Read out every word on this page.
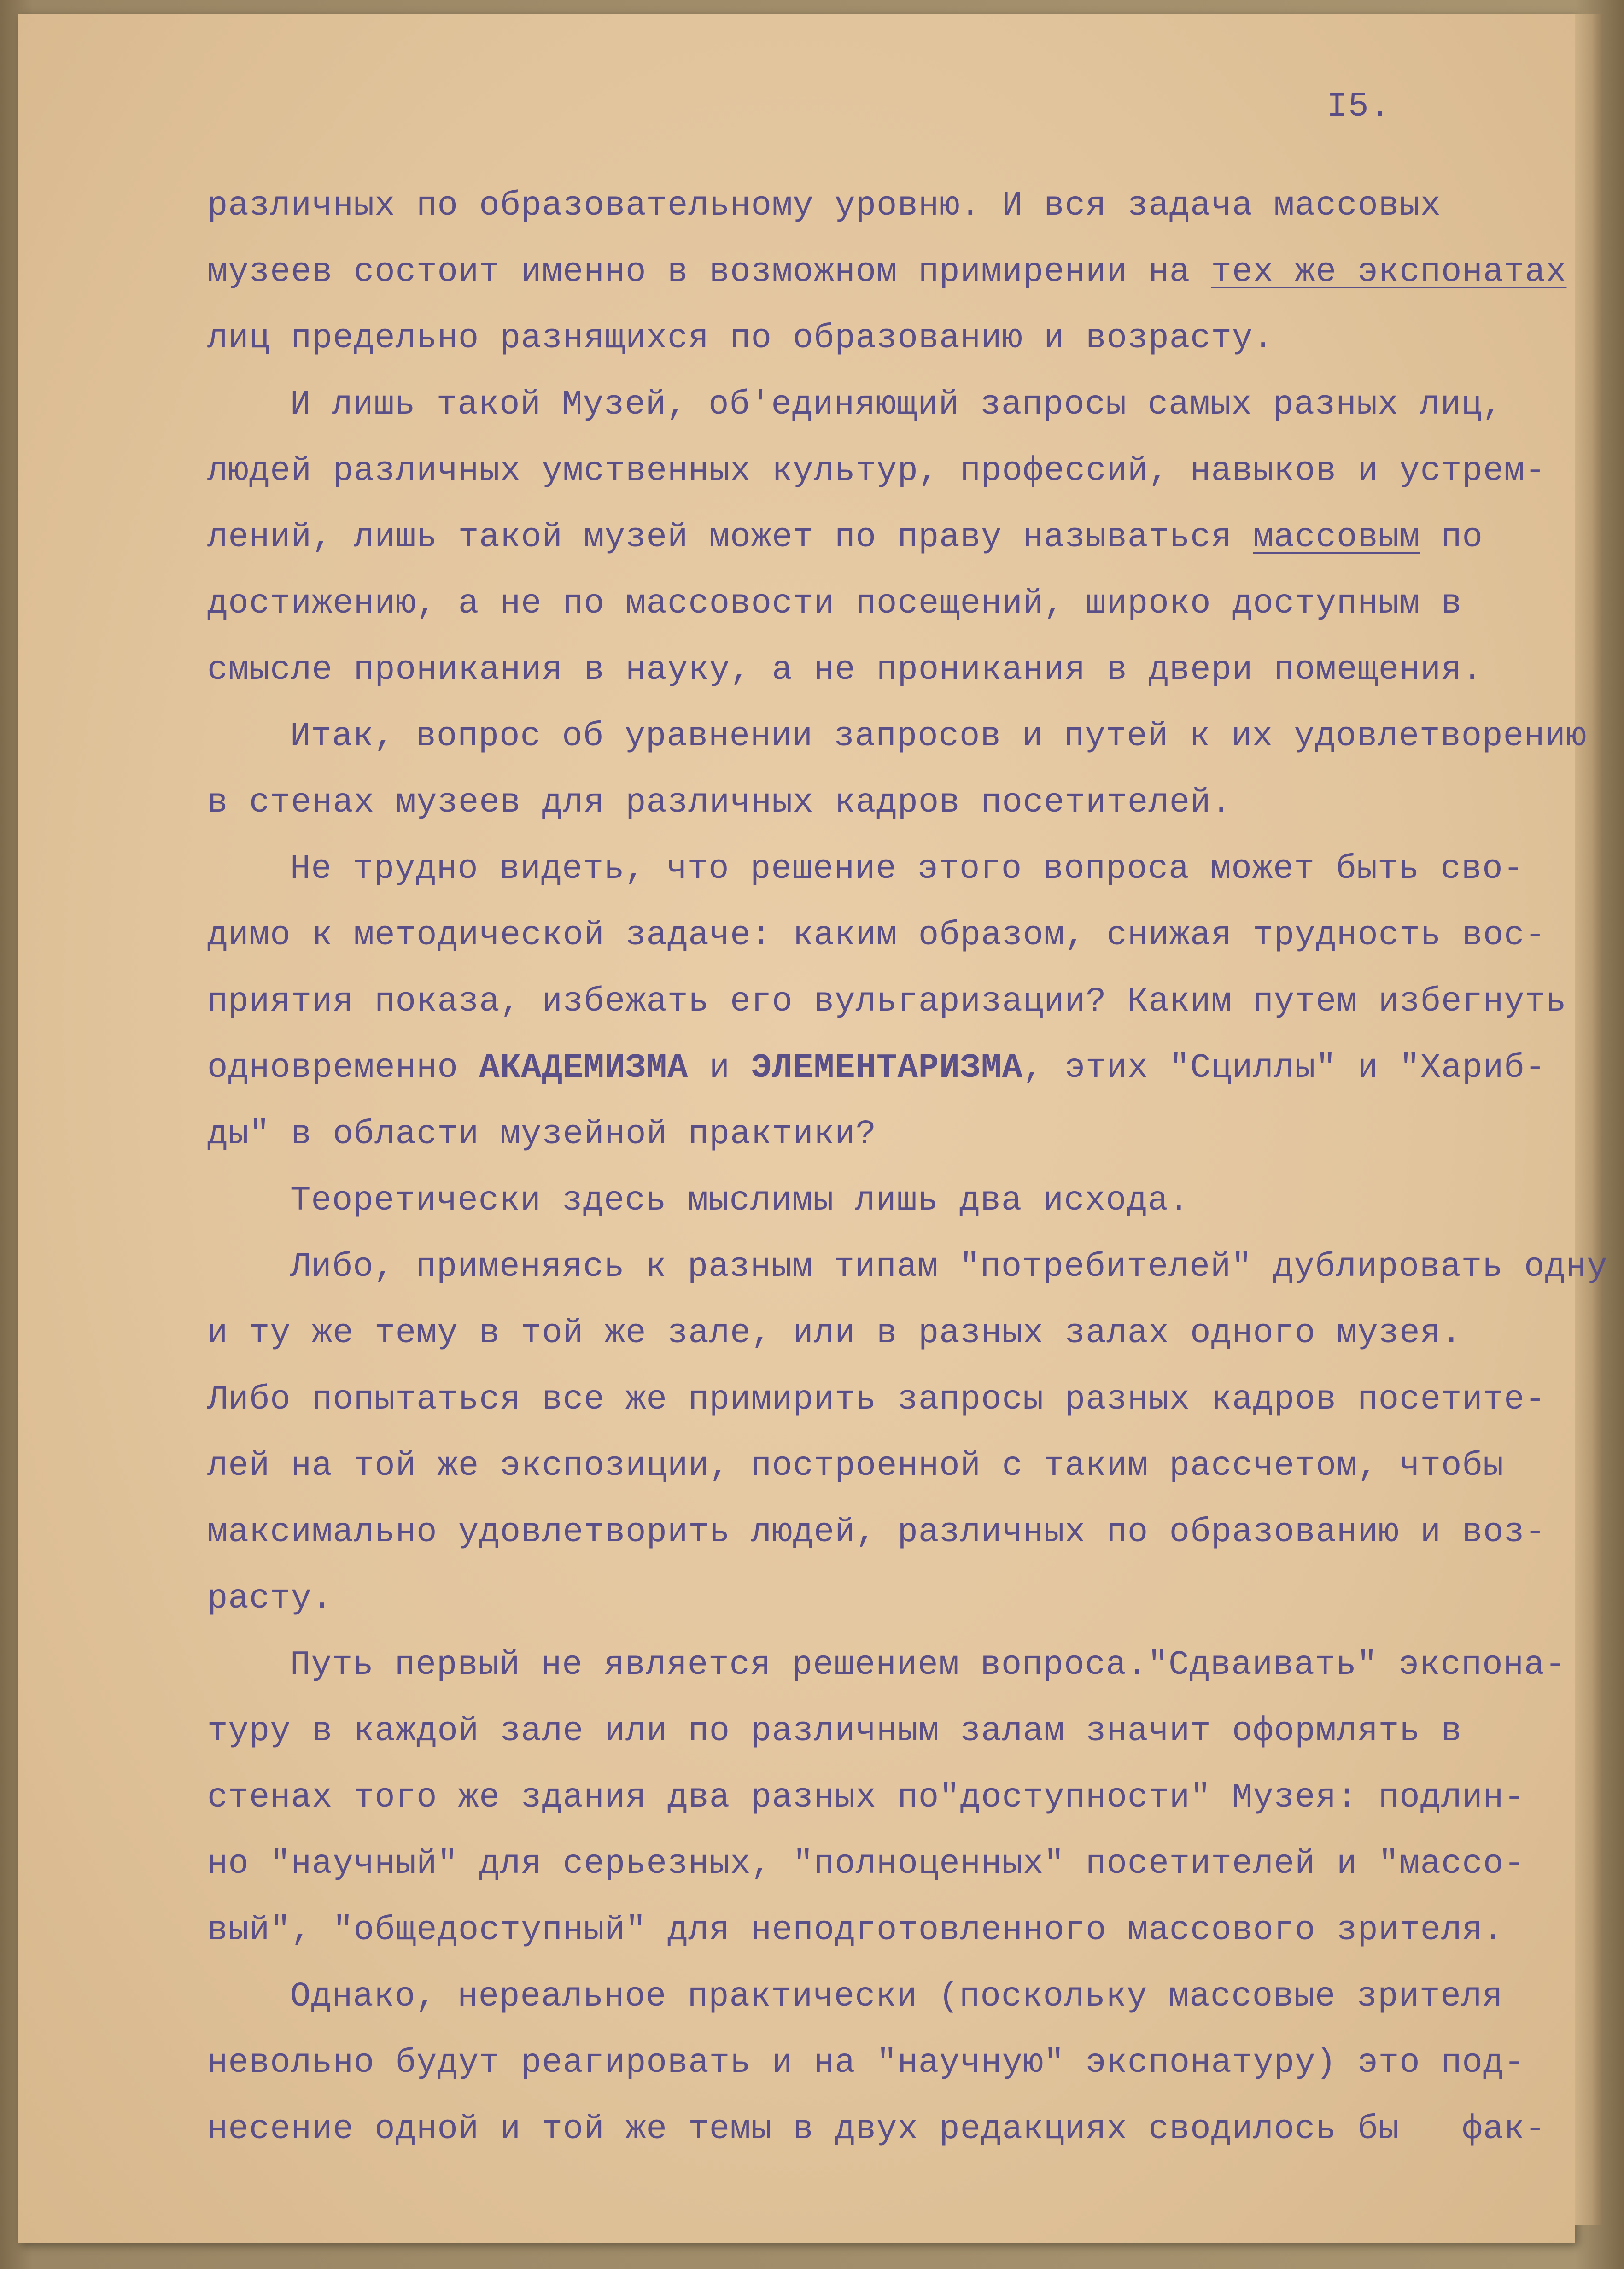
I5.
различных по образовательному уровню. И вся задача массовых
музеев состоит именно в возможном примирении на тех же экспонатах
лиц предельно разнящихся по образованию и возрасту.
И лишь такой Музей, об'единяющий запросы самых разных лиц,
людей различных умственных культур, профессий, навыков и устрем-
лений, лишь такой музей может по праву называться массовым по
достижению, а не по массовости посещений, широко доступным в
смысле проникания в науку, а не проникания в двери помещения.
Итак, вопрос об уравнении запросов и путей к их удовлетворению
в стенах музеев для различных кадров посетителей.
Не трудно видеть, что решение этого вопроса может быть сво-
димо к методической задаче: каким образом, снижая трудность вос-
приятия показа, избежать его вульгаризации? Каким путем избегнуть
одновременно АКАДЕМИЗМА и ЭЛЕМЕНТАРИЗМА, этих "Сциллы" и "Хариб-
ды" в области музейной практики?
Теоретически здесь мыслимы лишь два исхода.
Либо, применяясь к разным типам "потребителей" дублировать одну
и ту же тему в той же зале, или в разных залах одного музея.
Либо попытаться все же примирить запросы разных кадров посетите-
лей на той же экспозиции, построенной с таким рассчетом, чтобы
максимально удовлетворить людей, различных по образованию и воз-
расту.
Путь первый не является решением вопроса."Сдваивать" экспона-
туру в каждой зале или по различным залам значит оформлять в
стенах того же здания два разных по"доступности" Музея: подлин-
но "научный" для серьезных, "полноценных" посетителей и "массо-
вый", "общедоступный" для неподготовленного массового зрителя.
Однако, нереальное практически (поскольку массовые зрителя
невольно будут реагировать и на "научную" экспонатуру) это под-
несение одной и той же темы в двух редакциях сводилось бы   фак-
